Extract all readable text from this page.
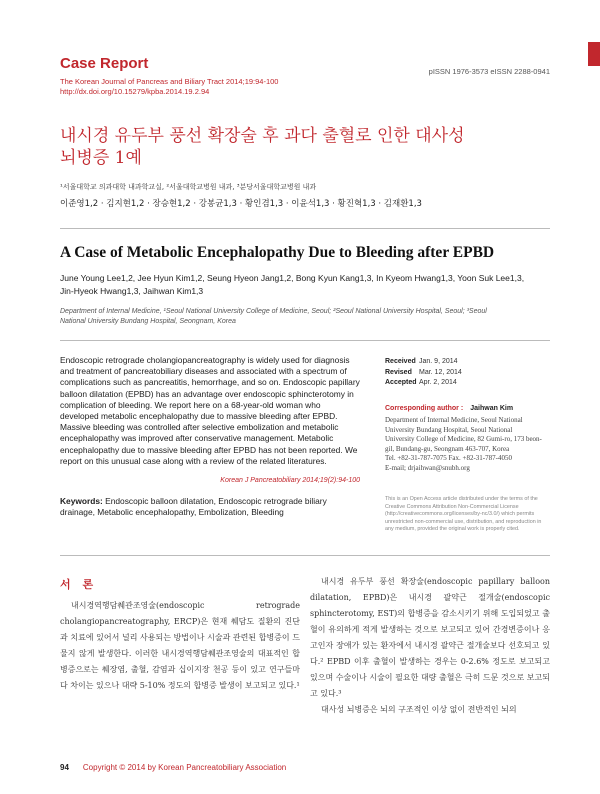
Case Report
The Korean Journal of Pancreas and Biliary Tract 2014;19:94-100
http://dx.doi.org/10.15279/kpba.2014.19.2.94
pISSN 1976-3573 eISSN 2288-0941
내시경 유두부 풍선 확장술 후 과다 출혈로 인한 대사성
뇌병증 1예
¹서울대학교 의과대학 내과학교실, ²서울대학교병원 내과, ³분당서울대학교병원 내과
이준영1,2 · 김지현1,2 · 장승현1,2 · 강봉균1,3 · 황인겸1,3 · 이윤석1,3 · 황진혁1,3 · 김재환1,3
A Case of Metabolic Encephalopathy Due to Bleeding after EPBD
June Young Lee1,2, Jee Hyun Kim1,2, Seung Hyeon Jang1,2, Bong Kyun Kang1,3, In Kyeom Hwang1,3, Yoon Suk Lee1,3,
Jin-Hyeok Hwang1,3, Jaihwan Kim1,3
Department of Internal Medicine, ¹Seoul National University College of Medicine, Seoul; ²Seoul National University Hospital, Seoul; ³Seoul
National University Bundang Hospital, Seongnam, Korea
Endoscopic retrograde cholangiopancreatography is widely used for diagnosis and treatment of pancreatobiliary diseases and associated with a spectrum of complications such as pancreatitis, hemorrhage, and so on. Endoscopic papillary balloon dilatation (EPBD) has an advantage over endoscopic sphincterotomy in complication of bleeding. We report here on a 68-year-old woman who developed metabolic encephalopathy due to massive bleeding after EPBD. Massive bleeding was controlled after selective embolization and metabolic encephalopathy was improved after conservative management. Metabolic encephalopathy due to massive bleeding after EPBD has not been reported. We report on this unusual case along with a review of the related literatures.
Korean J Pancreatobiliary 2014;19(2):94-100
Keywords: Endoscopic balloon dilatation, Endoscopic retrograde biliary drainage, Metabolic encephalopathy, Embolization, Bleeding
Received Jan. 9, 2014
Revised	Mar. 12, 2014
Accepted Apr. 2, 2014
Corresponding author : Jaihwan Kim
Department of Internal Medicine, Seoul National
University Bundang Hospital, Seoul National
University College of Medicine, 82 Gumi-ro, 173 beon-
gil, Bundang-gu, Seongnam 463-707, Korea
Tel. +82-31-787-7075 Fax. +82-31-787-4050
E-mail; drjaihwan@snubh.org
This is an Open Access article distributed under the terms of the Creative Commons Attribution Non-Commercial License (http://creativecommons.org/licenses/by-nc/3.0/) which permits unrestricted non-commercial use, distribution, and reproduction in any medium, provided the original work is properly cited.
서 론

내시경역행담췌관조영술(endoscopic retrograde cholangiopancreatography, ERCP)은 현재 췌담도 질환의 진단과 치료에 있어서 널리 사용되는 방법이나 시술과 관련된 합병증이 드물지 않게 발생한다. 이러한 내시경역행담췌관조영술의 대표적인 합병증으로는 췌장염, 출혈, 감염과 십이지장 천공 등이 있고 연구들마다 차이는 있으나 대략 5-10% 정도의 합병증 발생이 보고되고 있다.¹

내시경 유두부 풍선 확장술(endoscopic papillary balloon dilatation, EPBD)은 내시경 괄약근 절개술(endoscopic sphincterotomy, EST)의 합병증을 감소시키기 위해 도입되었고 출혈이 유의하게 적게 발생하는 것으로 보고되고 있어 간경변증이나 응고인자 장애가 있는 환자에서 내시경 괄약근 절개술보다 선호되고 있다.² EPBD 이후 출혈이 발생하는 경우는 0-2.6% 정도로 보고되고 있으며 수술이나 시술이 필요한 대량 출혈은 극히 드문 것으로 보고되고 있다.³

대사성 뇌병증은 뇌의 구조적인 이상 없이 전반적인 뇌의

94 Copyright © 2014 by Korean Pancreatobiliary Association
